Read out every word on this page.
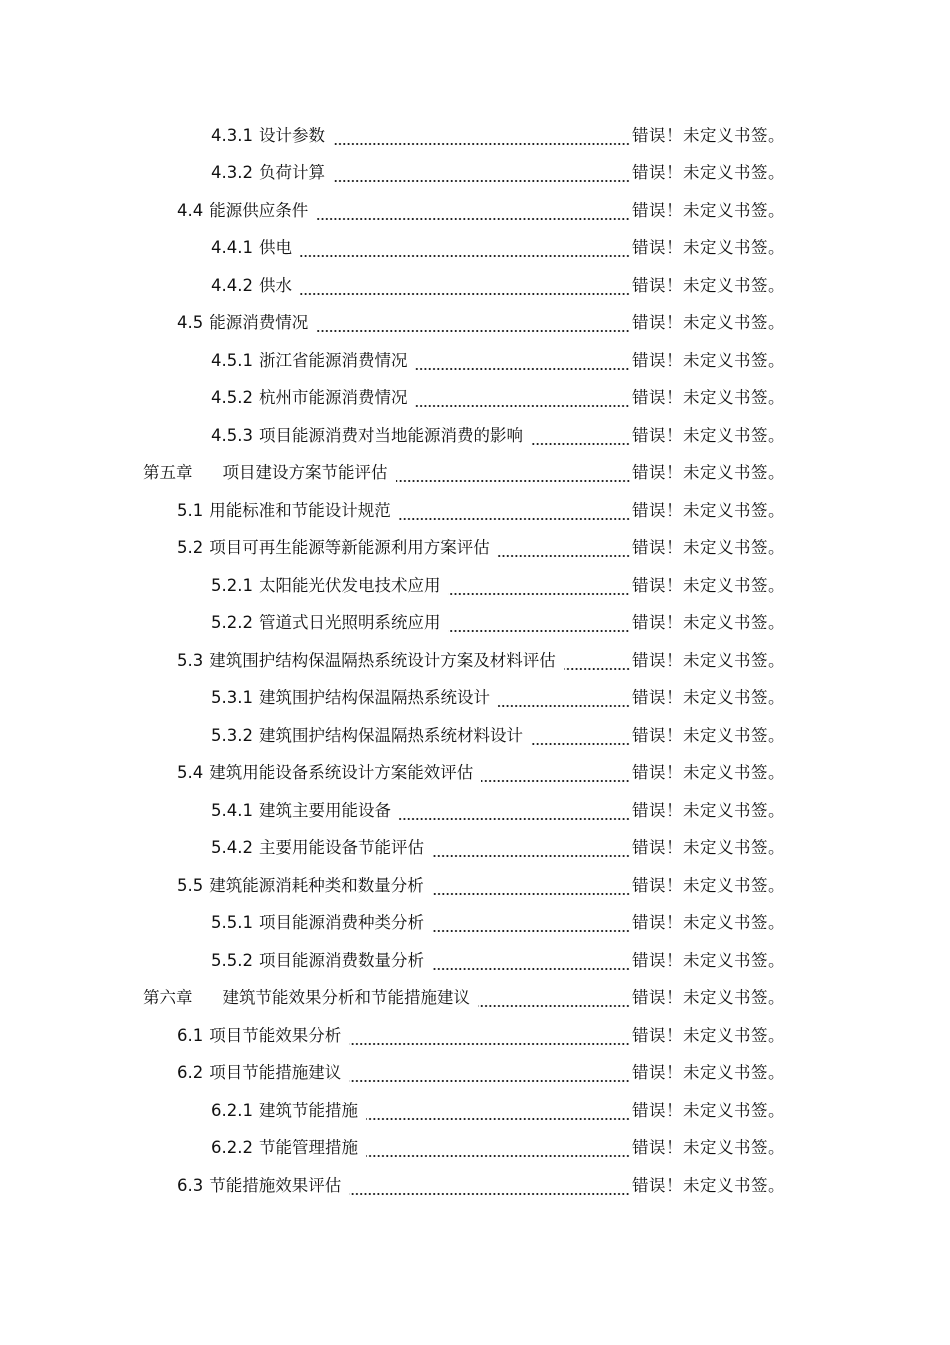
4.3.1 设计参数	错误！未定义书签。
4.3.2 负荷计算	错误！未定义书签。
4.4 能源供应条件	错误！未定义书签。
4.4.1 供电	错误！未定义书签。
4.4.2 供水	错误！未定义书签。
4.5 能源消费情况	错误！未定义书签。
4.5.1 浙江省能源消费情况	错误！未定义书签。
4.5.2 杭州市能源消费情况	错误！未定义书签。
4.5.3 项目能源消费对当地能源消费的影响	错误！未定义书签。
第五章 项目建设方案节能评估	错误！未定义书签。
5.1 用能标准和节能设计规范	错误！未定义书签。
5.2 项目可再生能源等新能源利用方案评估	错误！未定义书签。
5.2.1 太阳能光伏发电技术应用	错误！未定义书签。
5.2.2 管道式日光照明系统应用	错误！未定义书签。
5.3 建筑围护结构保温隔热系统设计方案及材料评估	错误！未定义书签。
5.3.1 建筑围护结构保温隔热系统设计	错误！未定义书签。
5.3.2 建筑围护结构保温隔热系统材料设计	错误！未定义书签。
5.4 建筑用能设备系统设计方案能效评估	错误！未定义书签。
5.4.1 建筑主要用能设备	错误！未定义书签。
5.4.2 主要用能设备节能评估	错误！未定义书签。
5.5 建筑能源消耗种类和数量分析	错误！未定义书签。
5.5.1 项目能源消费种类分析	错误！未定义书签。
5.5.2 项目能源消费数量分析	错误！未定义书签。
第六章 建筑节能效果分析和节能措施建议	错误！未定义书签。
6.1 项目节能效果分析	错误！未定义书签。
6.2 项目节能措施建议	错误！未定义书签。
6.2.1 建筑节能措施	错误！未定义书签。
6.2.2 节能管理措施	错误！未定义书签。
6.3 节能措施效果评估	错误！未定义书签。
